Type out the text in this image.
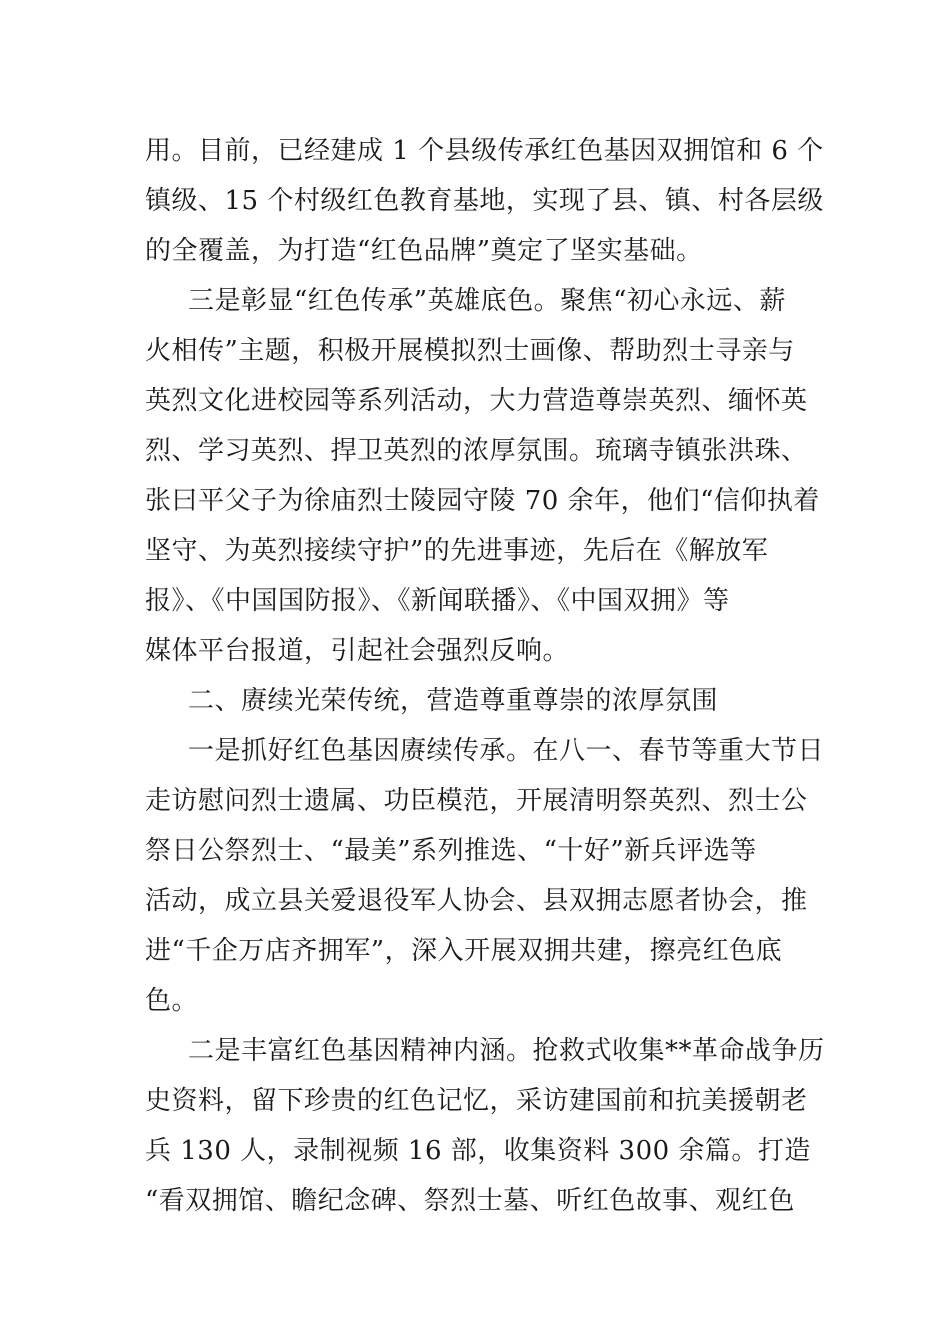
用。目前，已经建成 1 个县级传承红色基因双拥馆和 6 个
镇级、15 个村级红色教育基地，实现了县、镇、村各层级
的全覆盖，为打造“红色品牌”奠定了坚实基础。
三是彰显“红色传承”英雄底色。聚焦“初心永远、薪
火相传”主题，积极开展模拟烈士画像、帮助烈士寻亲与
英烈文化进校园等系列活动，大力营造尊崇英烈、缅怀英
烈、学习英烈、捍卫英烈的浓厚氛围。琉璃寺镇张洪珠、
张曰平父子为徐庙烈士陵园守陵 70 余年，他们“信仰执着
坚守、为英烈接续守护”的先进事迹，先后在《解放军
报》、《中国国防报》、《新闻联播》、《中国双拥》等
媒体平台报道，引起社会强烈反响。
二、赓续光荣传统，营造尊重尊崇的浓厚氛围
一是抓好红色基因赓续传承。在八一、春节等重大节日
走访慰问烈士遗属、功臣模范，开展清明祭英烈、烈士公
祭日公祭烈士、“最美”系列推选、“十好”新兵评选等
活动，成立县关爱退役军人协会、县双拥志愿者协会，推
进“千企万店齐拥军”，深入开展双拥共建，擦亮红色底
色。
二是丰富红色基因精神内涵。抢救式收集**革命战争历
史资料，留下珍贵的红色记忆，采访建国前和抗美援朝老
兵 130 人，录制视频 16 部，收集资料 300 余篇。打造
“看双拥馆、瞻纪念碑、祭烈士墓、听红色故事、观红色
